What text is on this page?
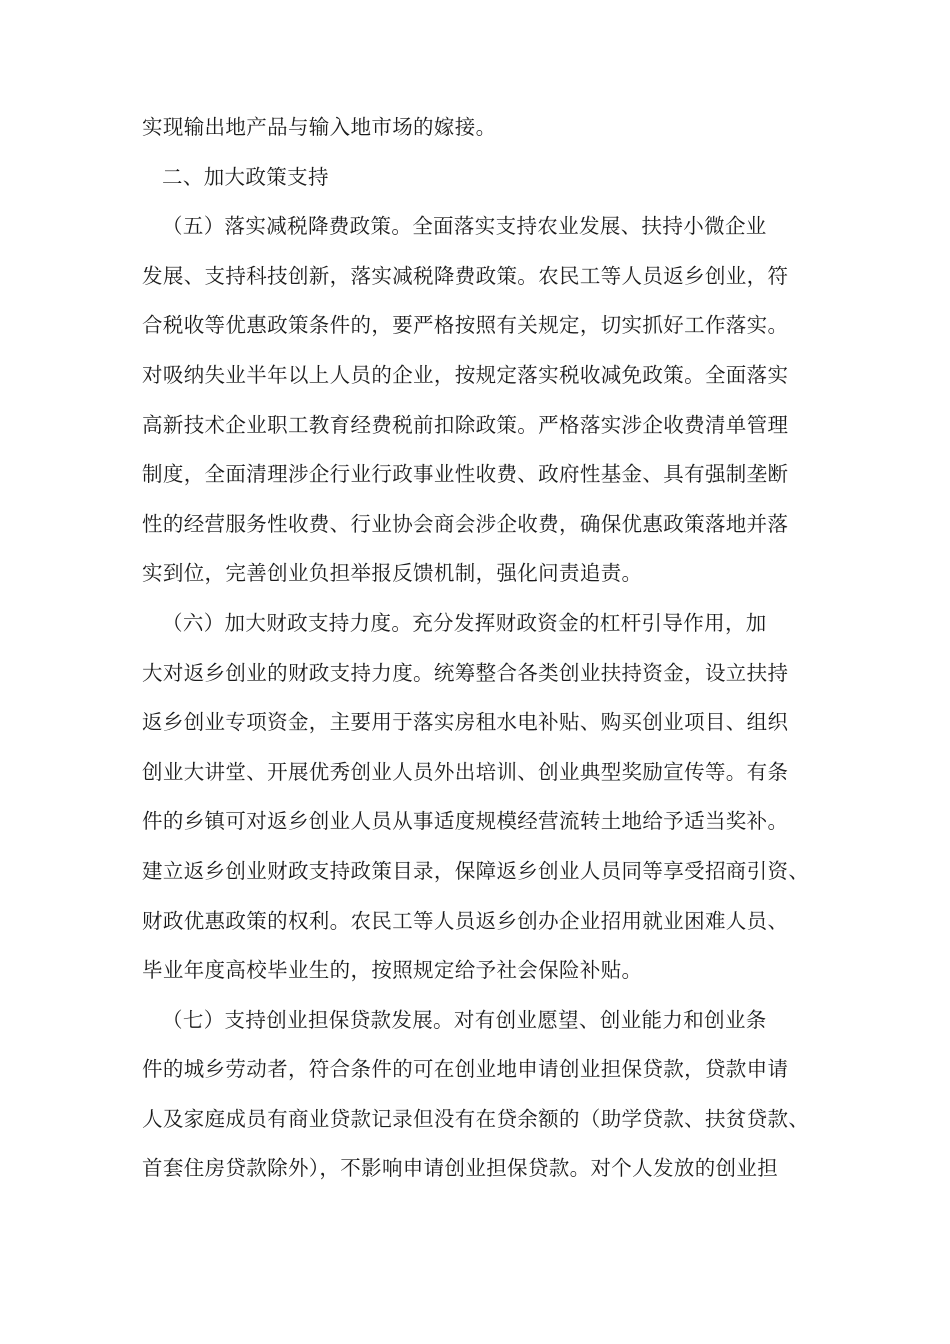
实现输出地产品与输入地市场的嫁接。
二、加大政策支持
（五）落实减税降费政策。全面落实支持农业发展、扶持小微企业
发展、支持科技创新，落实减税降费政策。农民工等人员返乡创业，符
合税收等优惠政策条件的，要严格按照有关规定，切实抓好工作落实。
对吸纳失业半年以上人员的企业，按规定落实税收减免政策。全面落实
高新技术企业职工教育经费税前扣除政策。严格落实涉企收费清单管理
制度，全面清理涉企行业行政事业性收费、政府性基金、具有强制垄断
性的经营服务性收费、行业协会商会涉企收费，确保优惠政策落地并落
实到位，完善创业负担举报反馈机制，强化问责追责。
（六）加大财政支持力度。充分发挥财政资金的杠杆引导作用，加
大对返乡创业的财政支持力度。统筹整合各类创业扶持资金，设立扶持
返乡创业专项资金，主要用于落实房租水电补贴、购买创业项目、组织
创业大讲堂、开展优秀创业人员外出培训、创业典型奖励宣传等。有条
件的乡镇可对返乡创业人员从事适度规模经营流转土地给予适当奖补。
建立返乡创业财政支持政策目录，保障返乡创业人员同等享受招商引资、
财政优惠政策的权利。农民工等人员返乡创办企业招用就业困难人员、
毕业年度高校毕业生的，按照规定给予社会保险补贴。
（七）支持创业担保贷款发展。对有创业愿望、创业能力和创业条
件的城乡劳动者，符合条件的可在创业地申请创业担保贷款，贷款申请
人及家庭成员有商业贷款记录但没有在贷余额的（助学贷款、扶贫贷款、
首套住房贷款除外），不影响申请创业担保贷款。对个人发放的创业担
